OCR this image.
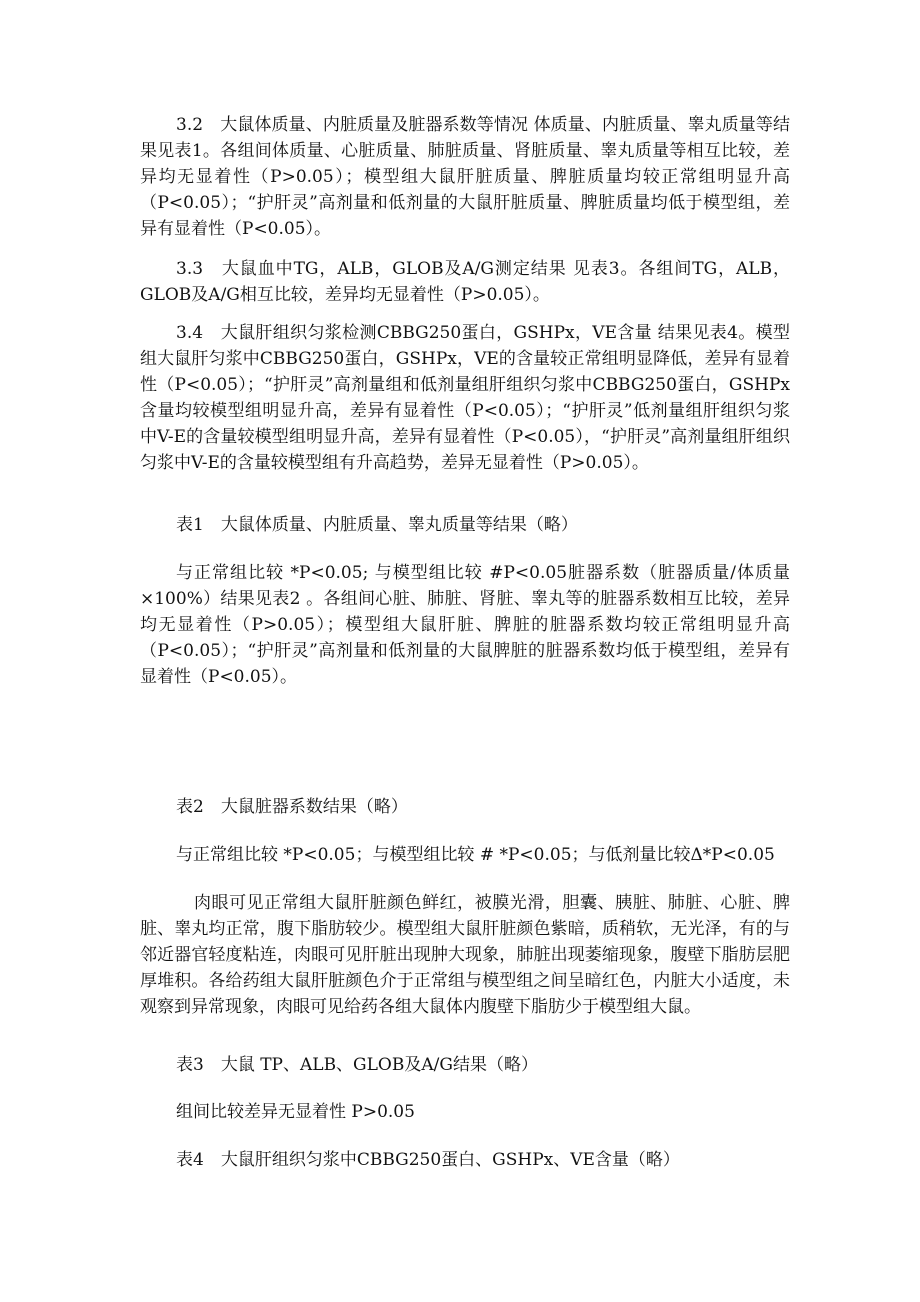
3.2　大鼠体质量、内脏质量及脏器系数等情况 体质量、内脏质量、睾丸质量等结果见表1。各组间体质量、心脏质量、肺脏质量、肾脏质量、睾丸质量等相互比较，差异均无显着性（P>0.05）；模型组大鼠肝脏质量、脾脏质量均较正常组明显升高（P<0.05）；“护肝灵”高剂量和低剂量的大鼠肝脏质量、脾脏质量均低于模型组，差异有显着性（P<0.05）。

3.3　大鼠血中TG，ALB，GLOB及A/G测定结果 见表3。各组间TG，ALB，GLOB及A/G相互比较，差异均无显着性（P>0.05）。

3.4　大鼠肝组织匀浆检测CBBG250蛋白，GSHPx，VE含量 结果见表4。模型组大鼠肝匀浆中CBBG250蛋白，GSHPx，VE的含量较正常组明显降低，差异有显着性（P<0.05）；“护肝灵”高剂量组和低剂量组肝组织匀浆中CBBG250蛋白，GSHPx含量均较模型组明显升高，差异有显着性（P<0.05）；“护肝灵”低剂量组肝组织匀浆中V-E的含量较模型组明显升高，差异有显着性（P<0.05），“护肝灵”高剂量组肝组织匀浆中V-E的含量较模型组有升高趋势，差异无显着性（P>0.05）。

表1　大鼠体质量、内脏质量、睾丸质量等结果（略）

与正常组比较 *P<0.05; 与模型组比较 #P<0.05脏器系数（脏器质量/体质量×100%）结果见表2 。各组间心脏、肺脏、肾脏、睾丸等的脏器系数相互比较，差异均无显着性（P>0.05）；模型组大鼠肝脏、脾脏的脏器系数均较正常组明显升高（P<0.05）；“护肝灵”高剂量和低剂量的大鼠脾脏的脏器系数均低于模型组，差异有显着性（P<0.05）。

表2　大鼠脏器系数结果（略）

与正常组比较 *P<0.05；与模型组比较 # *P<0.05；与低剂量比较Δ*P<0.05

肉眼可见正常组大鼠肝脏颜色鲜红，被膜光滑，胆囊、胰脏、肺脏、心脏、脾脏、睾丸均正常，腹下脂肪较少。模型组大鼠肝脏颜色紫暗，质稍软，无光泽，有的与邻近器官轻度粘连，肉眼可见肝脏出现肿大现象，肺脏出现萎缩现象，腹壁下脂肪层肥厚堆积。各给药组大鼠肝脏颜色介于正常组与模型组之间呈暗红色，内脏大小适度，未观察到异常现象，肉眼可见给药各组大鼠体内腹壁下脂肪少于模型组大鼠。

表3　大鼠 TP、ALB、GLOB及A/G结果（略）

组间比较差异无显着性 P>0.05

表4　大鼠肝组织匀浆中CBBG250蛋白、GSHPx、VE含量（略）
